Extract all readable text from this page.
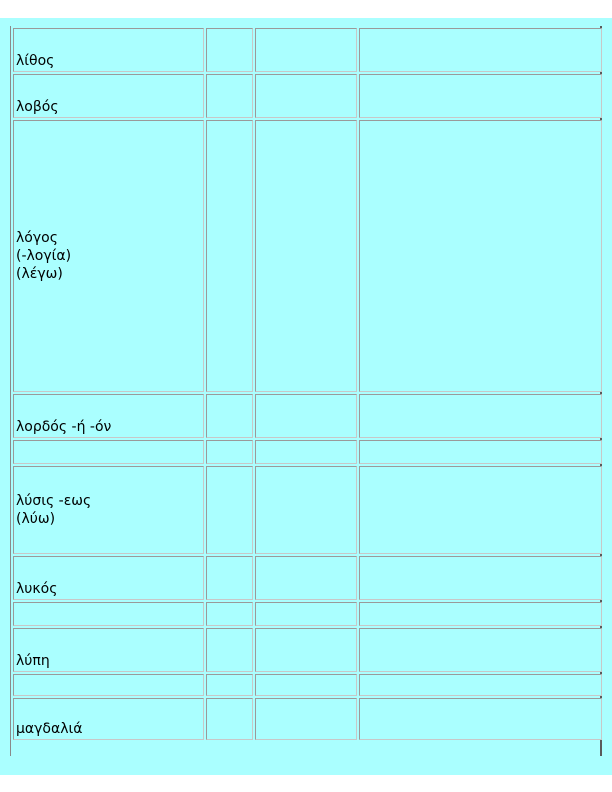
λίθος			

λοβός			

λόγος
(-λογία)
(λέγω)			

λορδός -ή -όν			

λύσις -εως
(λύω)			

λυκός			

λύπη			

μαγδαλιά			
